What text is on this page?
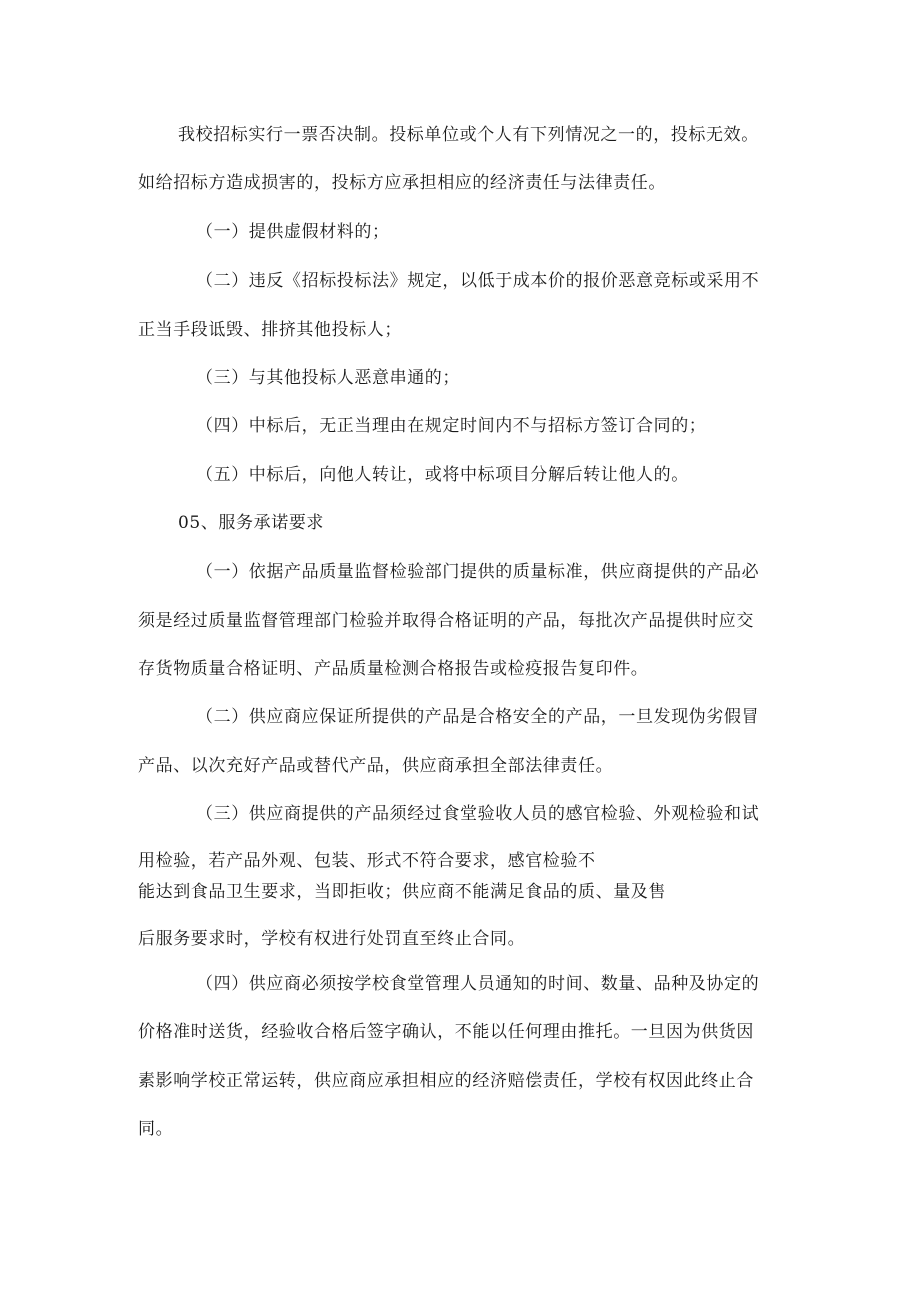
我校招标实行一票否决制。投标单位或个人有下列情况之一的，投标无效。
如给招标方造成损害的，投标方应承担相应的经济责任与法律责任。
（一）提供虚假材料的；
（二）违反《招标投标法》规定，以低于成本价的报价恶意竞标或采用不
正当手段诋毁、排挤其他投标人；
（三）与其他投标人恶意串通的；
（四）中标后，无正当理由在规定时间内不与招标方签订合同的；
（五）中标后，向他人转让，或将中标项目分解后转让他人的。
05、服务承诺要求
（一）依据产品质量监督检验部门提供的质量标准，供应商提供的产品必
须是经过质量监督管理部门检验并取得合格证明的产品，每批次产品提供时应交
存货物质量合格证明、产品质量检测合格报告或检疫报告复印件。
（二）供应商应保证所提供的产品是合格安全的产品，一旦发现伪劣假冒
产品、以次充好产品或替代产品，供应商承担全部法律责任。
（三）供应商提供的产品须经过食堂验收人员的感官检验、外观检验和试
用检验，若产品外观、包装、形式不符合要求，感官检验不
能达到食品卫生要求，当即拒收；供应商不能满足食品的质、量及售
后服务要求时，学校有权进行处罚直至终止合同。
（四）供应商必须按学校食堂管理人员通知的时间、数量、品种及协定的
价格准时送货，经验收合格后签字确认，不能以任何理由推托。一旦因为供货因
素影响学校正常运转，供应商应承担相应的经济赔偿责任，学校有权因此终止合
同。
